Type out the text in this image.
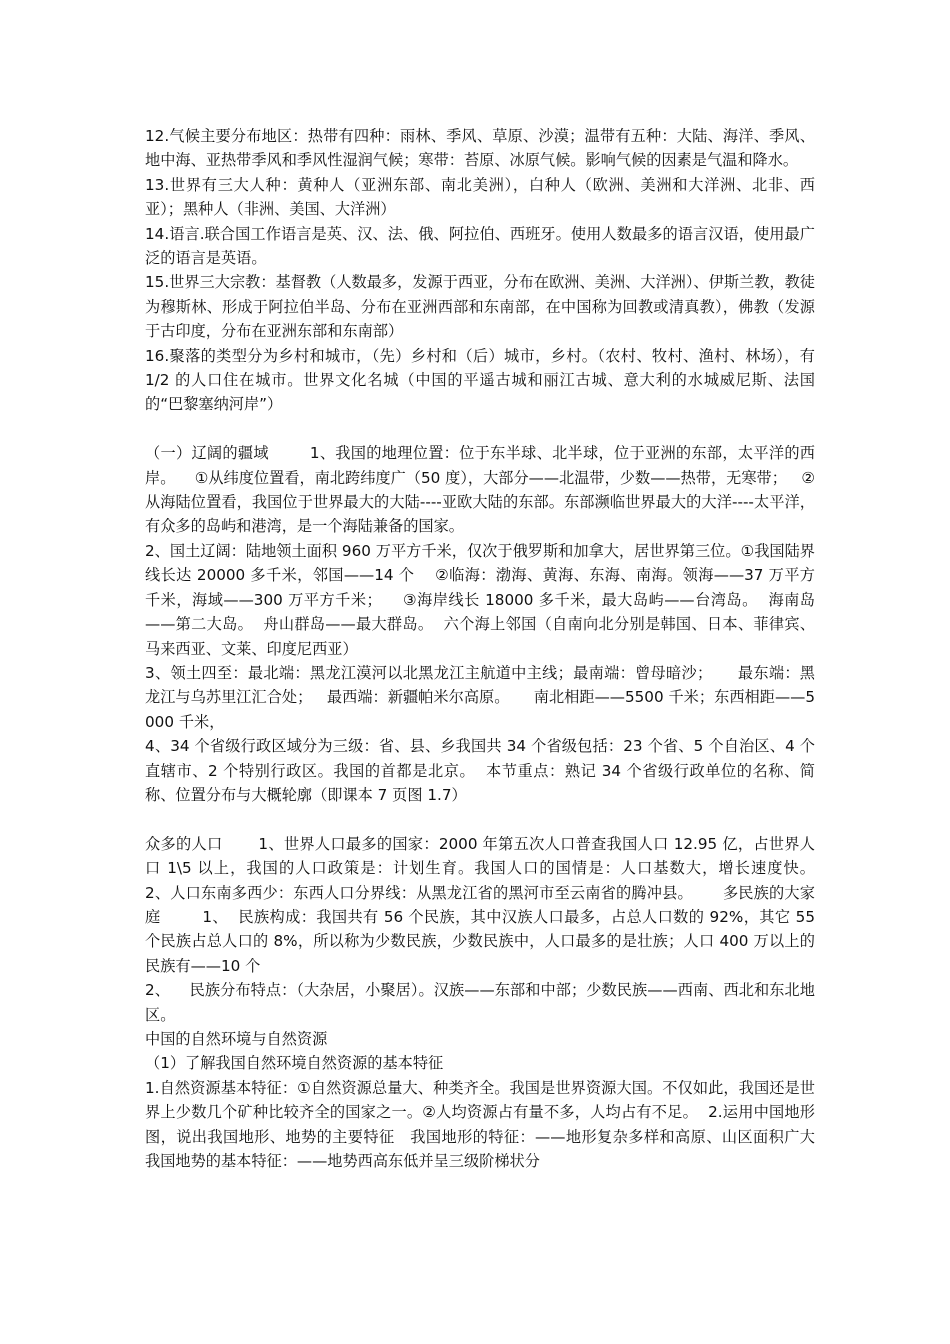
12.气候主要分布地区：热带有四种：雨林、季风、草原、沙漠；温带有五种：大陆、海洋、季风、地中海、亚热带季风和季风性湿润气候；寒带：苔原、冰原气候。影响气候的因素是气温和降水。

13.世界有三大人种：黄种人（亚洲东部、南北美洲），白种人（欧洲、美洲和大洋洲、北非、西亚）；黑种人（非洲、美国、大洋洲）

14.语言.联合国工作语言是英、汉、法、俄、阿拉伯、西班牙。使用人数最多的语言汉语，使用最广泛的语言是英语。

15.世界三大宗教：基督教（人数最多，发源于西亚，分布在欧洲、美洲、大洋洲）、伊斯兰教，教徒为穆斯林、形成于阿拉伯半岛、分布在亚洲西部和东南部，在中国称为回教或清真教），佛教（发源于古印度，分布在亚洲东部和东南部）

16.聚落的类型分为乡村和城市，（先）乡村和（后）城市，乡村。（农村、牧村、渔村、林场），有 1/2 的人口住在城市。世界文化名城（中国的平遥古城和丽江古城、意大利的水城威尼斯、法国的“巴黎塞纳河岸”）

（一）辽阔的疆域        1、我国的地理位置：位于东半球、北半球，位于亚洲的东部，太平洋的西岸。    ①从纬度位置看，南北跨纬度广（50 度），大部分——北温带，少数——热带，无寒带；   ②从海陆位置看，我国位于世界最大的大陆----亚欧大陆的东部。东部濒临世界最大的大洋----太平洋，有众多的岛屿和港湾，是一个海陆兼备的国家。

2、国土辽阔：陆地领土面积 960 万平方千米，仅次于俄罗斯和加拿大，居世界第三位。①我国陆界线长达 20000 多千米，邻国——14 个    ②临海：渤海、黄海、东海、南海。领海——37 万平方千米，海域——300 万平方千米；    ③海岸线长 18000 多千米，最大岛屿——台湾岛。  海南岛——第二大岛。  舟山群岛——最大群岛。  六个海上邻国（自南向北分别是韩国、日本、菲律宾、马来西亚、文莱、印度尼西亚）

3、领土四至：最北端：黑龙江漠河以北黑龙江主航道中主线；最南端：曾母暗沙；     最东端：黑龙江与乌苏里江汇合处；   最西端：新疆帕米尔高原。     南北相距——5500 千米；东西相距——5000 千米，

4、34 个省级行政区域分为三级：省、县、乡我国共 34 个省级包括：23 个省、5 个自治区、4 个直辖市、2 个特别行政区。我国的首都是北京。  本节重点：熟记 34 个省级行政单位的名称、简称、位置分布与大概轮廓（即课本 7 页图 1.7）

众多的人口       1、世界人口最多的国家：2000 年第五次人口普查我国人口 12.95 亿，占世界人口 1\5 以上，我国的人口政策是：计划生育。我国人口的国情是：人口基数大，增长速度快。      2、人口东南多西少：东西人口分界线：从黑龙江省的黑河市至云南省的腾冲县。      多民族的大家庭        1、  民族构成：我国共有 56 个民族，其中汉族人口最多，占总人口数的 92%，其它 55 个民族占总人口的 8%，所以称为少数民族，少数民族中，人口最多的是壮族；人口 400 万以上的民族有——10 个

2、    民族分布特点：（大杂居，小聚居）。汉族——东部和中部；少数民族——西南、西北和东北地区。

中国的自然环境与自然资源

（1）了解我国自然环境自然资源的基本特征

1.自然资源基本特征：①自然资源总量大、种类齐全。我国是世界资源大国。不仅如此，我国还是世界上少数几个矿种比较齐全的国家之一。②人均资源占有量不多，人均占有不足。  2.运用中国地形图，说出我国地形、地势的主要特征   我国地形的特征：——地形复杂多样和高原、山区面积广大  我国地势的基本特征：——地势西高东低并呈三级阶梯状分
